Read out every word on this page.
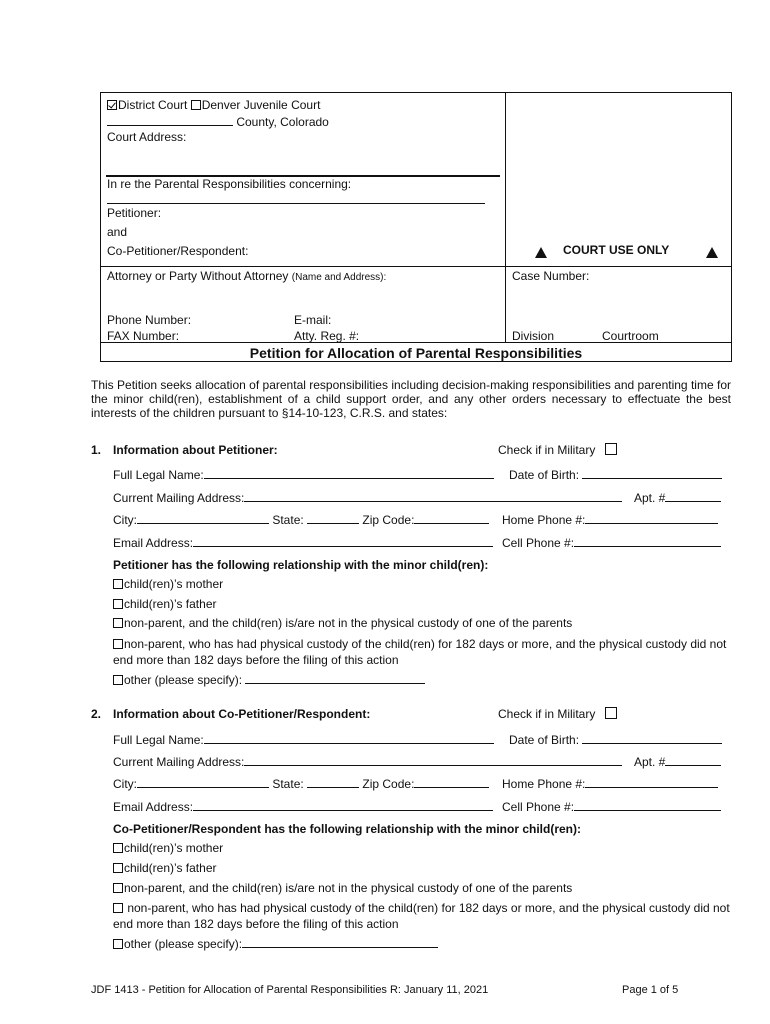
District Court Denver Juvenile Court
County, Colorado
Court Address:
In re the Parental Responsibilities concerning:
Petitioner:
and
Co-Petitioner/Respondent:	COURT USE ONLY
Attorney or Party Without Attorney (Name and Address):	Case Number:
Phone Number:	E-mail:
FAX Number:	Atty. Reg. #:	Division	Courtroom
Petition for Allocation of Parental Responsibilities
This Petition seeks allocation of parental responsibilities including decision-making responsibilities and parenting time for the minor child(ren), establishment of a child support order, and any other orders necessary to effectuate the best interests of the children pursuant to §14-10-123, C.R.S. and states:
1. Information about Petitioner:	Check if in Military
Full Legal Name:	Date of Birth:
Current Mailing Address:	Apt. #
City:	State:	Zip Code:	Home Phone #:
Email Address:	Cell Phone #:
Petitioner has the following relationship with the minor child(ren):
child(ren)’s mother
child(ren)’s father
non-parent, and the child(ren) is/are not in the physical custody of one of the parents
non-parent, who has had physical custody of the child(ren) for 182 days or more, and the physical custody did not end more than 182 days before the filing of this action
other (please specify):
2. Information about Co-Petitioner/Respondent:	Check if in Military
Full Legal Name:	Date of Birth:
Current Mailing Address:	Apt. #
City:	State:	Zip Code:	Home Phone #:
Email Address:	Cell Phone #:
Co-Petitioner/Respondent has the following relationship with the minor child(ren):
child(ren)’s mother
child(ren)’s father
non-parent, and the child(ren) is/are not in the physical custody of one of the parents
non-parent, who has had physical custody of the child(ren) for 182 days or more, and the physical custody did not end more than 182 days before the filing of this action
other (please specify):
JDF 1413 - Petition for Allocation of Parental Responsibilities R: January 11, 2021	Page 1 of 5
